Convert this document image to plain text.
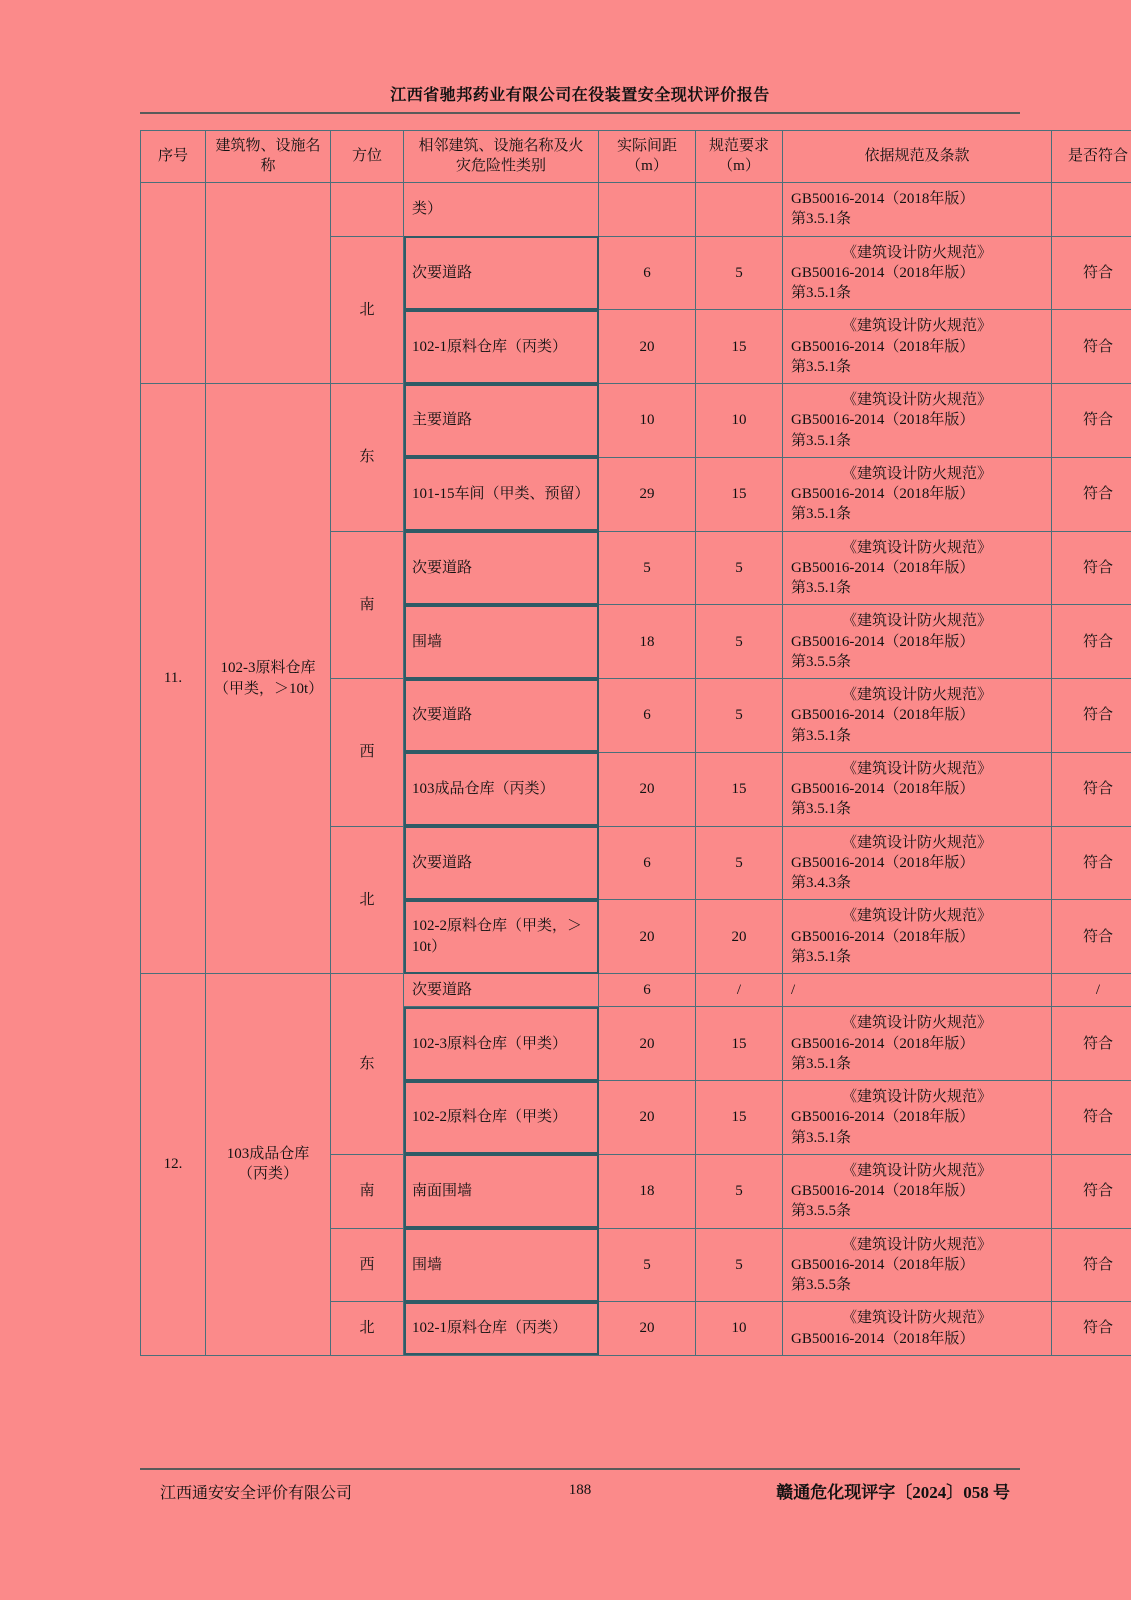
江西省驰邦药业有限公司在役装置安全现状评价报告
序号	建筑物、设施名称	方位	相邻建筑、设施名称及火灾危险性类别	实际间距（m）	规范要求（m）	依据规范及条款	是否符合
			类）			GB50016-2014（2018年版）
第3.5.1条	

		北	次要道路	6	5	《建筑设计防火规范》
GB50016-2014（2018年版）
第3.5.1条	符合
			102-1原料仓库（丙类）	20	15	《建筑设计防火规范》
GB50016-2014（2018年版）
第3.5.1条	符合
11.	102-3原料仓库（甲类，＞10t）	东	主要道路	10	10	《建筑设计防火规范》
GB50016-2014（2018年版）
第3.5.1条	符合
			101-15车间（甲类、预留）	29	15	《建筑设计防火规范》
GB50016-2014（2018年版）
第3.5.1条	符合
		南	次要道路	5	5	《建筑设计防火规范》
GB50016-2014（2018年版）
第3.5.1条	符合
			围墙	18	5	《建筑设计防火规范》
GB50016-2014（2018年版）
第3.5.5条	符合
		西	次要道路	6	5	《建筑设计防火规范》
GB50016-2014（2018年版）
第3.5.1条	符合
			103成品仓库（丙类）	20	15	《建筑设计防火规范》
GB50016-2014（2018年版）
第3.5.1条	符合
		北	次要道路	6	5	《建筑设计防火规范》
GB50016-2014（2018年版）
第3.4.3条	符合
			102-2原料仓库（甲类，＞10t）	20	20	《建筑设计防火规范》
GB50016-2014（2018年版）
第3.5.1条	符合
12.	103成品仓库（丙类）	东	次要道路	6	/	/	/
			102-3原料仓库（甲类）	20	15	《建筑设计防火规范》
GB50016-2014（2018年版）
第3.5.1条	符合
			102-2原料仓库（甲类）	20	15	《建筑设计防火规范》
GB50016-2014（2018年版）
第3.5.1条	符合
		南	南面围墙	18	5	《建筑设计防火规范》
GB50016-2014（2018年版）
第3.5.5条	符合
		西	围墙	5	5	《建筑设计防火规范》
GB50016-2014（2018年版）
第3.5.5条	符合
		北	102-1原料仓库（丙类）	20	10	《建筑设计防火规范》
GB50016-2014（2018年版）	符合
江西通安安全评价有限公司	188	赣通危化现评字〔2024〕058 号
